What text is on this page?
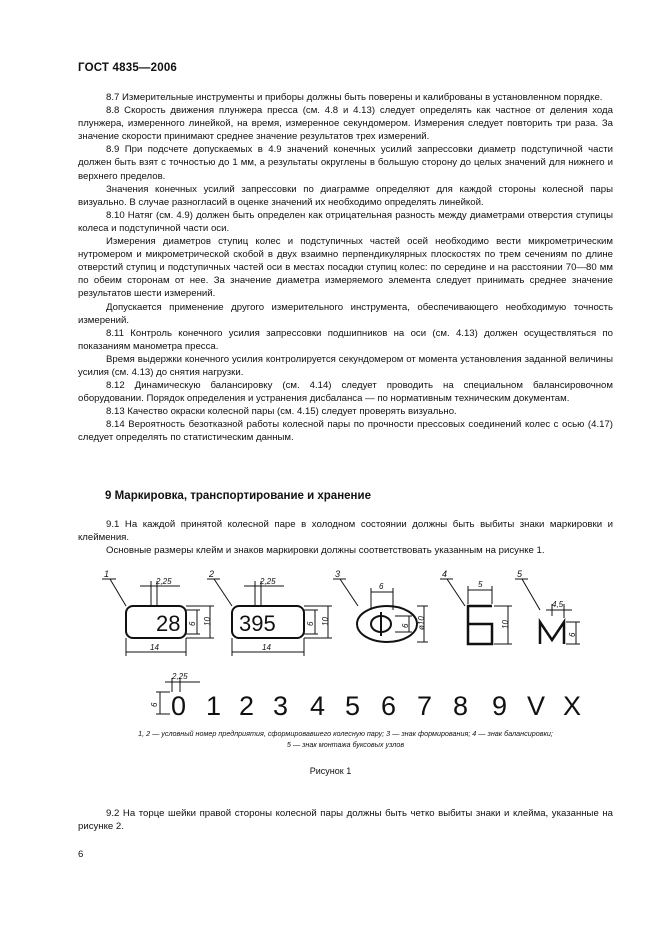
ГОСТ 4835—2006

8.7 Измерительные инструменты и приборы должны быть поверены и калиброваны в установленном порядке.

8.8 Скорость движения плунжера пресса (см. 4.8 и 4.13) следует определять как частное от деления хода плунжера, измеренного линейкой, на время, измеренное секундомером. Измерения следует повторить три раза. За значение скорости принимают среднее значение результатов трех измерений.

8.9 При подсчете допускаемых в 4.9 значений конечных усилий запрессовки диаметр подступичной части должен быть взят с точностью до 1 мм, а результаты округлены в большую сторону до целых значений для нижнего и верхнего пределов.

Значения конечных усилий запрессовки по диаграмме определяют для каждой стороны колесной пары визуально. В случае разногласий в оценке значений их необходимо определять линейкой.

8.10 Натяг (см. 4.9) должен быть определен как отрицательная разность между диаметрами отверстия ступицы колеса и подступичной части оси.

Измерения диаметров ступиц колес и подступичных частей осей необходимо вести микрометрическим нутромером и микрометрической скобой в двух взаимно перпендикулярных плоскостях по трем сечениям по длине отверстий ступиц и подступичных частей оси в местах посадки ступиц колес: по середине и на расстоянии 70—80 мм по обеим сторонам от нее. За значение диаметра измеряемого элемента следует принимать среднее значение результатов шести измерений.

Допускается применение другого измерительного инструмента, обеспечивающего необходимую точность измерений.

8.11 Контроль конечного усилия запрессовки подшипников на оси (см. 4.13) должен осуществляться по показаниям манометра пресса.

Время выдержки конечного усилия контролируется секундомером от момента установления заданной величины усилия (см. 4.13) до снятия нагрузки.

8.12 Динамическую балансировку (см. 4.14) следует проводить на специальном балансировочном оборудовании. Порядок определения и устранения дисбаланса — по нормативным техническим документам.

8.13 Качество окраски колесной пары (см. 4.15) следует проверять визуально.

8.14 Вероятность безотказной работы колесной пары по прочности прессовых соединений колес с осью (4.17) следует определять по статистическим данным.

9 Маркировка, транспортирование и хранение

9.1 На каждой принятой колесной паре в холодном состоянии должны быть выбиты знаки маркировки и клеймения.

Основные размеры клейм и знаков маркировки должны соответствовать указанным на рисунке 1.

1	2	3	4	5
2,25
6 10
14
2,25
6 10
14
6
6 ø10
5
10
4,5
6
2,25
6
28	395
0 1 2 3 4 5 6 7 8 9 V X
1, 2 — условный номер предприятия, сформировавшего колесную пару; 3 — знак формирования; 4 — знак балансировки;
5 — знак монтажа буксовых узлов
Рисунок 1

9.2 На торце шейки правой стороны колесной пары должны быть четко выбиты знаки и клейма, указанные на рисунке 2.

6
